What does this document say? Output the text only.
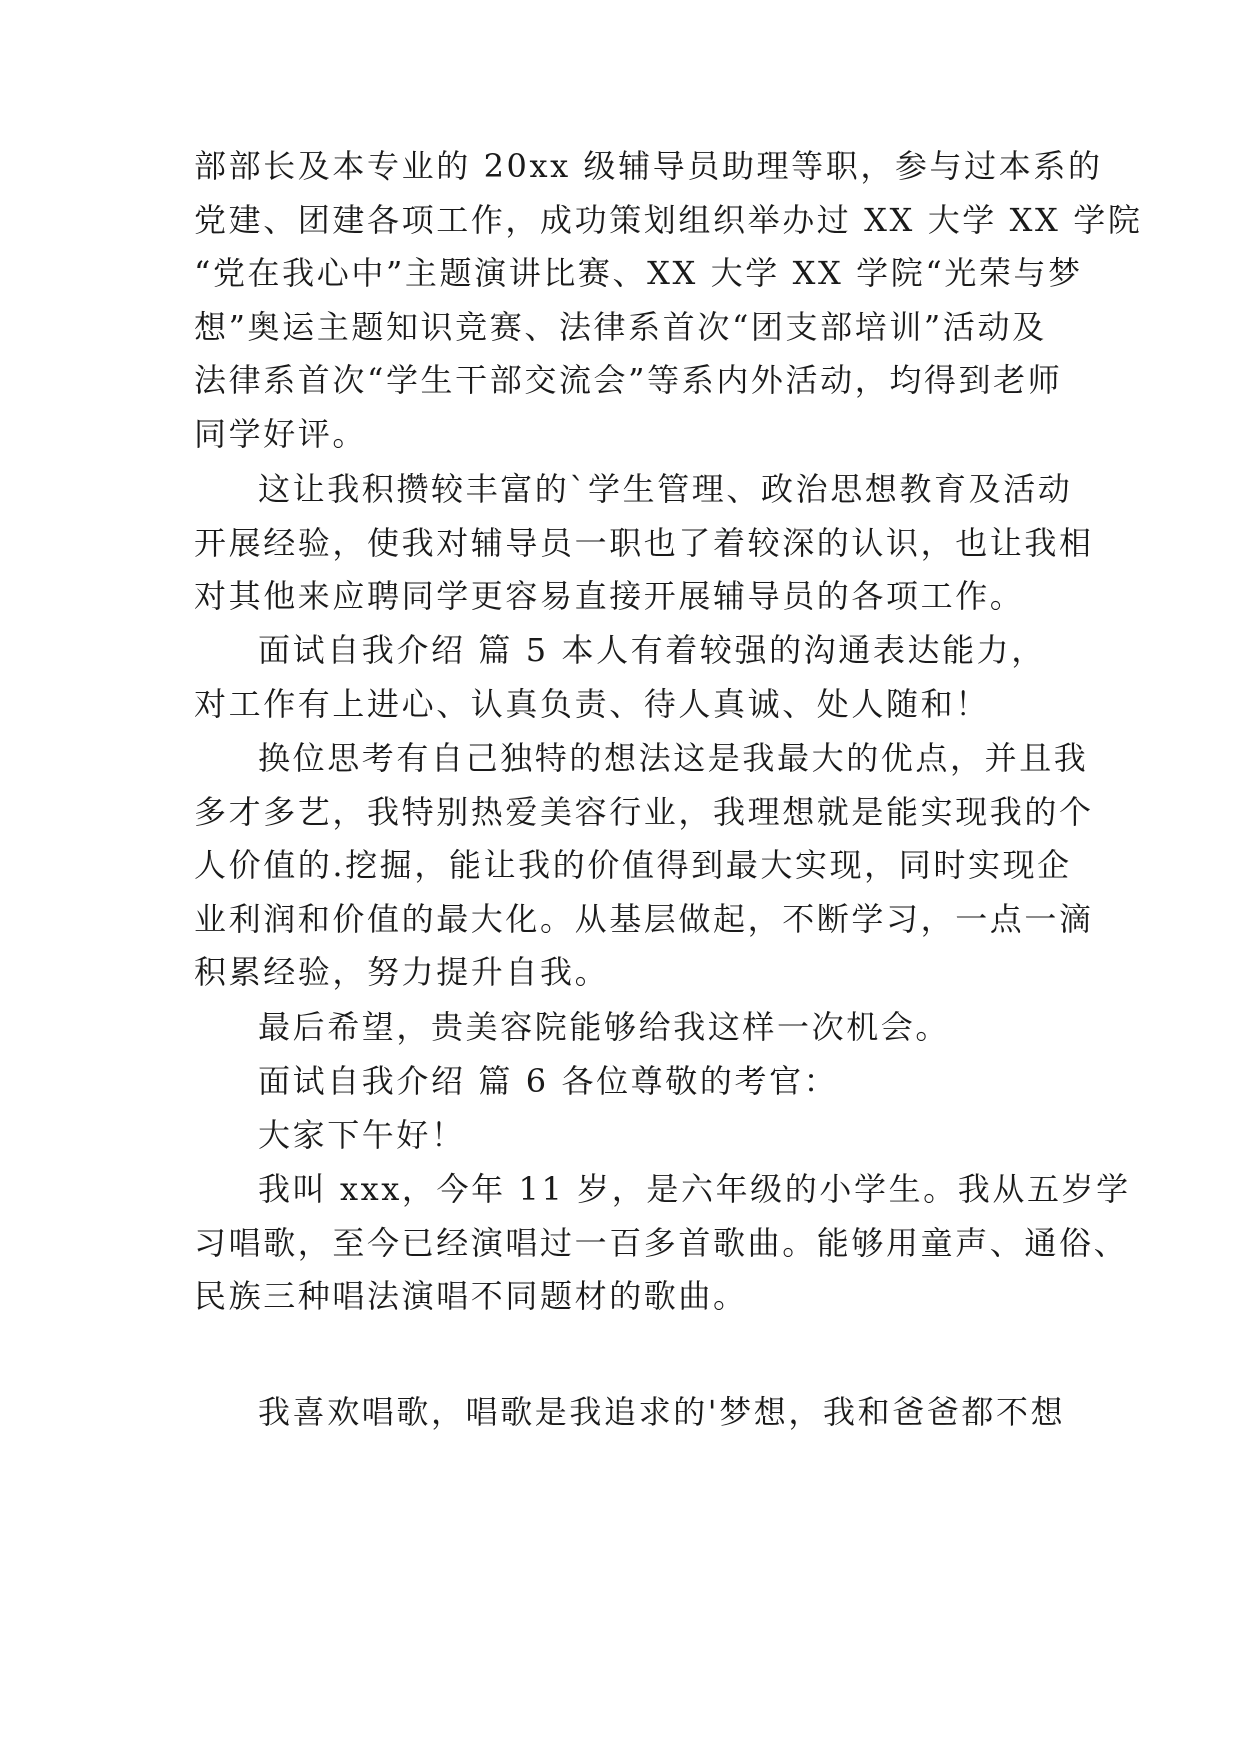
部部长及本专业的 20xx 级辅导员助理等职，参与过本系的
党建、团建各项工作，成功策划组织举办过 XX 大学 XX 学院
“党在我心中”主题演讲比赛、XX 大学 XX 学院“光荣与梦
想”奥运主题知识竞赛、法律系首次“团支部培训”活动及
法律系首次“学生干部交流会”等系内外活动，均得到老师
同学好评。
这让我积攒较丰富的`学生管理、政治思想教育及活动
开展经验，使我对辅导员一职也了着较深的认识，也让我相
对其他来应聘同学更容易直接开展辅导员的各项工作。
面试自我介绍 篇 5 本人有着较强的沟通表达能力，
对工作有上进心、认真负责、待人真诚、处人随和！
换位思考有自己独特的想法这是我最大的优点，并且我
多才多艺，我特别热爱美容行业，我理想就是能实现我的个
人价值的.挖掘，能让我的价值得到最大实现，同时实现企
业利润和价值的最大化。从基层做起，不断学习，一点一滴
积累经验，努力提升自我。
最后希望，贵美容院能够给我这样一次机会。
面试自我介绍 篇 6 各位尊敬的考官：
大家下午好！
我叫 xxx，今年 11 岁，是六年级的小学生。我从五岁学
习唱歌，至今已经演唱过一百多首歌曲。能够用童声、通俗、
民族三种唱法演唱不同题材的歌曲。
我喜欢唱歌，唱歌是我追求的'梦想，我和爸爸都不想
